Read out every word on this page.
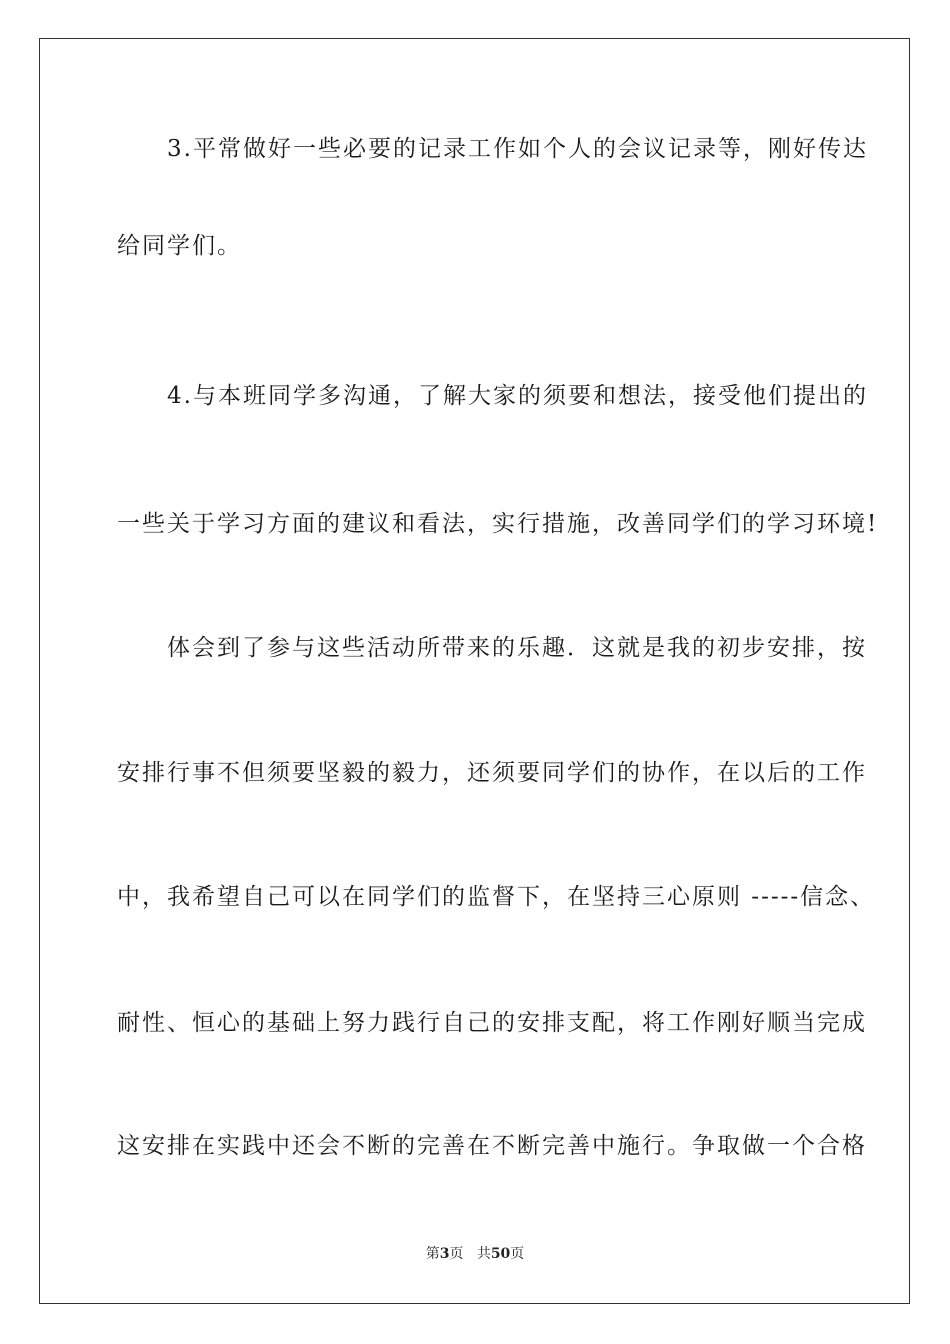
　　3.平常做好一些必要的记录工作如个人的会议记录等，刚好传达
给同学们。
　　4.与本班同学多沟通，了解大家的须要和想法，接受他们提出的
一些关于学习方面的建议和看法，实行措施，改善同学们的学习环境!
　　体会到了参与这些活动所带来的乐趣．这就是我的初步安排，按
安排行事不但须要坚毅的毅力，还须要同学们的协作，在以后的工作
中，我希望自己可以在同学们的监督下，在坚持三心原则 -----信念、
耐性、恒心的基础上努力践行自己的安排支配，将工作刚好顺当完成
这安排在实践中还会不断的完善在不断完善中施行。争取做一个合格
第3页 共50页
